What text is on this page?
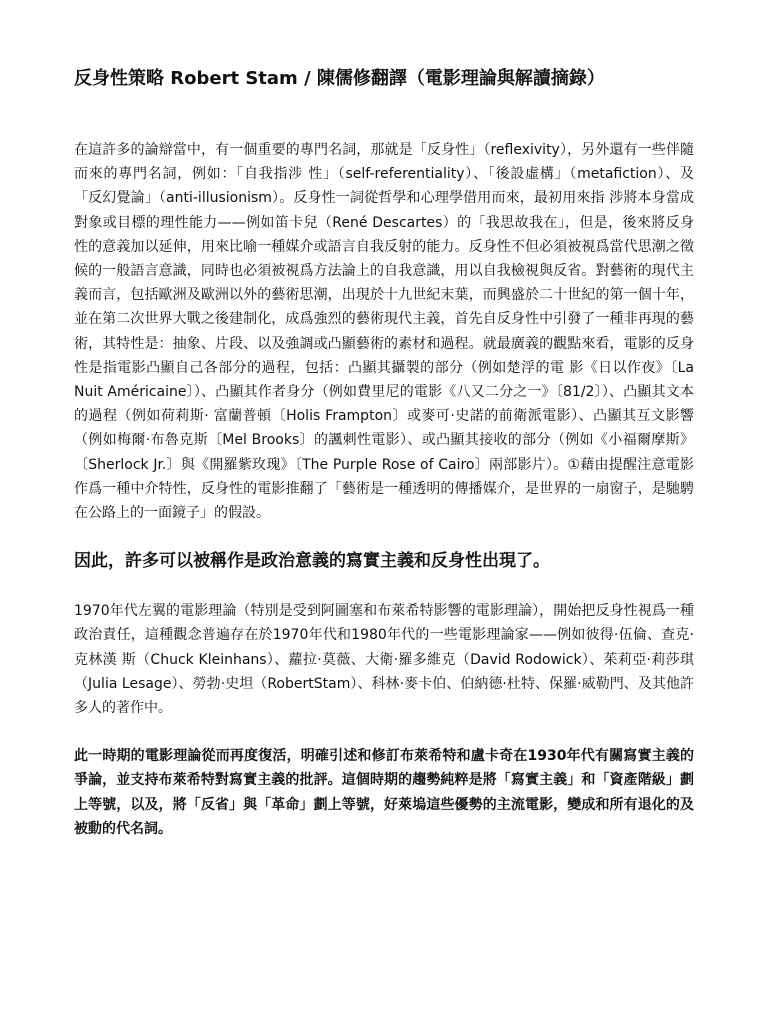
反身性策略 Robert Stam / 陳儒修翻譯（電影理論與解讀摘錄）

在這許多的論辯當中，有一個重要的專門名詞，那就是「反身性」（reflexivity），另外還有一些伴隨而來的專門名詞，例如：「自我指涉 性」（self-referentiality）、「後設虛構」（metafiction）、及「反幻覺論」（anti-illusionism）。反身性一詞從哲學和心理學借用而來，最初用來指 涉將本身當成對象或目標的理性能力——例如笛卡兒（René Descartes）的「我思故我在」，但是，後來將反身性的意義加以延伸，用來比喻一種媒介或語言自我反射的能力。反身性不但必須被視爲當代思潮之徵候的一般語言意識，同時也必須被視爲方法論上的自我意識，用以自我檢視與反省。對藝術的現代主義而言，包括歐洲及歐洲以外的藝術思潮，出現於十九世紀末葉，而興盛於二十世紀的第一個十年，並在第二次世界大戰之後建制化，成爲強烈的藝術現代主義，首先自反身性中引發了一種非再現的藝術，其特性是：抽象、片段、以及強調或凸顯藝術的素材和過程。就最廣義的觀點來看，電影的反身性是指電影凸顯自己各部分的過程，包括：凸顯其攝製的部分（例如楚浮的電 影《日以作夜》〔La Nuit Américaine〕）、凸顯其作者身分（例如費里尼的電影《八又二分之一》〔81/2〕）、凸顯其文本的過程（例如荷莉斯· 富蘭普頓〔Holis Frampton〕或麥可·史諾的前衛派電影）、凸顯其互文影響（例如梅爾·布魯克斯〔Mel Brooks〕的諷刺性電影）、或凸顯其接收的部分（例如《小福爾摩斯》〔Sherlock Jr.〕與《開羅紫玫瑰》〔The Purple Rose of Cairo〕兩部影片）。①藉由提醒注意電影作爲一種中介特性，反身性的電影推翻了「藝術是一種透明的傳播媒介，是世界的一扇窗子，是馳騁在公路上的一面鏡子」的假設。

因此，許多可以被稱作是政治意義的寫實主義和反身性出現了。

1970年代左翼的電影理論（特別是受到阿圖塞和布萊希特影響的電影理論），開始把反身性視爲一種政治責任，這種觀念普遍存在於1970年代和1980年代的一些電影理論家——例如彼得·伍倫、查克·克林漢 斯（Chuck Kleinhans）、蘿拉·莫薇、大衛·羅多維克（David Rodowick）、茱莉亞·莉莎琪（Julia Lesage）、勞勃·史坦（RobertStam）、科林·麥卡伯、伯納德·杜特、保羅·威勒門、及其他許多人的著作中。

此一時期的電影理論從而再度復活，明確引述和修訂布萊希特和盧卡奇在1930年代有關寫實主義的爭論，並支持布萊希特對寫實主義的批評。這個時期的趨勢純粹是將「寫實主義」和「資產階級」劃上等號，以及，將「反省」與「革命」劃上等號，好萊塢這些優勢的主流電影，變成和所有退化的及被動的代名詞。
